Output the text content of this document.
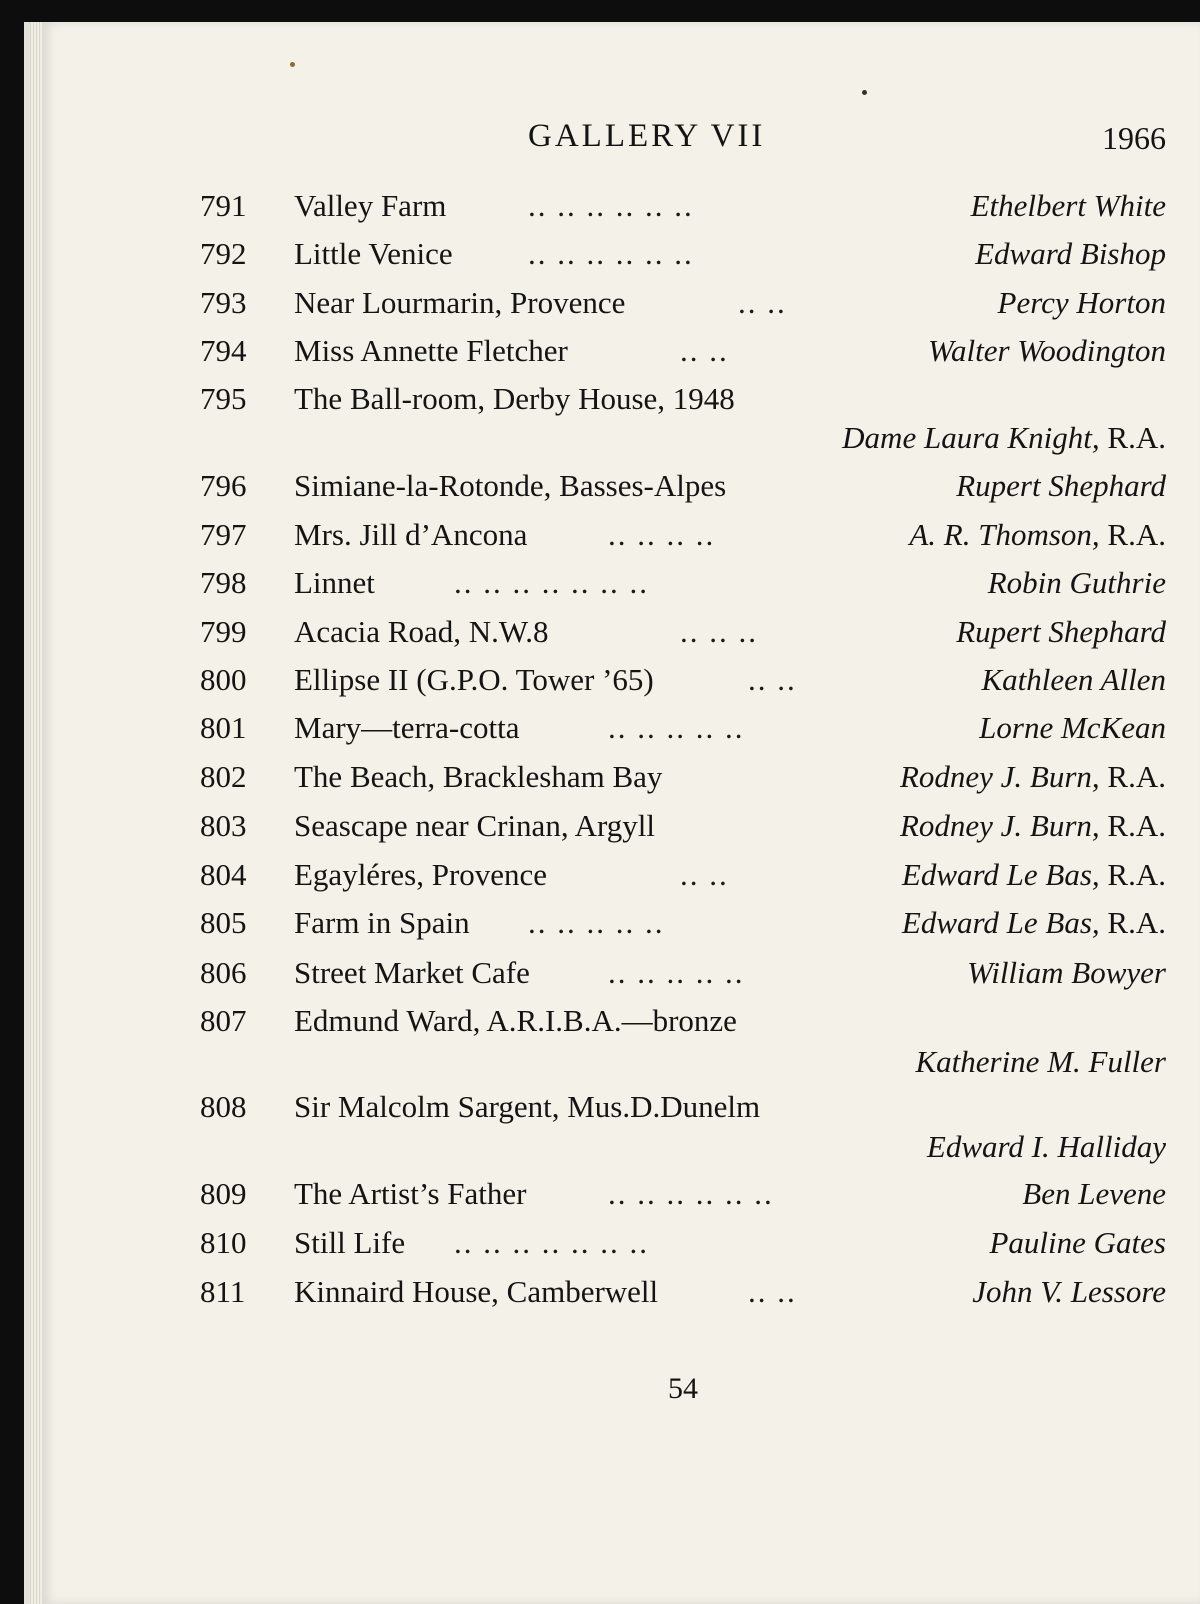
GALLERY VII	1966
791	Valley Farm	.. .. .. .. .. ..	Ethelbert White
792	Little Venice .. .. .. .. .. ..	Edward Bishop
793	Near Lourmarin, Provence	.. ..	Percy Horton
794	Miss Annette Fletcher	.. ..	Walter Woodington
795	The Ball-room, Derby House, 1948
Dame Laura Knight, R.A.
796	Simiane-la-Rotonde, Basses-Alpes	Rupert Shephard
797	Mrs. Jill d’Ancona	.. .. .. ..	A. R. Thomson, R.A.
798	Linnet	.. .. .. .. .. .. ..	Robin Guthrie
799	Acacia Road, N.W.8	.. .. ..	Rupert Shephard
800	Ellipse II (G.P.O. Tower ’65)	.. ..	Kathleen Allen
801	Mary—terra-cotta	.. .. .. .. ..	Lorne McKean
802	The Beach, Bracklesham Bay	Rodney J. Burn, R.A.
803	Seascape near Crinan, Argyll	Rodney J. Burn, R.A.
804	Egayléres, Provence	.. ..	Edward Le Bas, R.A.
805	Farm in Spain .. .. .. .. ..	Edward Le Bas, R.A.
806	Street Market Cafe	.. .. .. .. ..	William Bowyer
807	Edmund Ward, A.R.I.B.A.—bronze
Katherine M. Fuller
808	Sir Malcolm Sargent, Mus.D.Dunelm
Edward I. Halliday
809	The Artist’s Father	.. .. .. .. .. ..	Ben Levene
810	Still Life .. .. .. .. .. .. ..	Pauline Gates
811	Kinnaird House, Camberwell	.. ..	John V. Lessore
54
